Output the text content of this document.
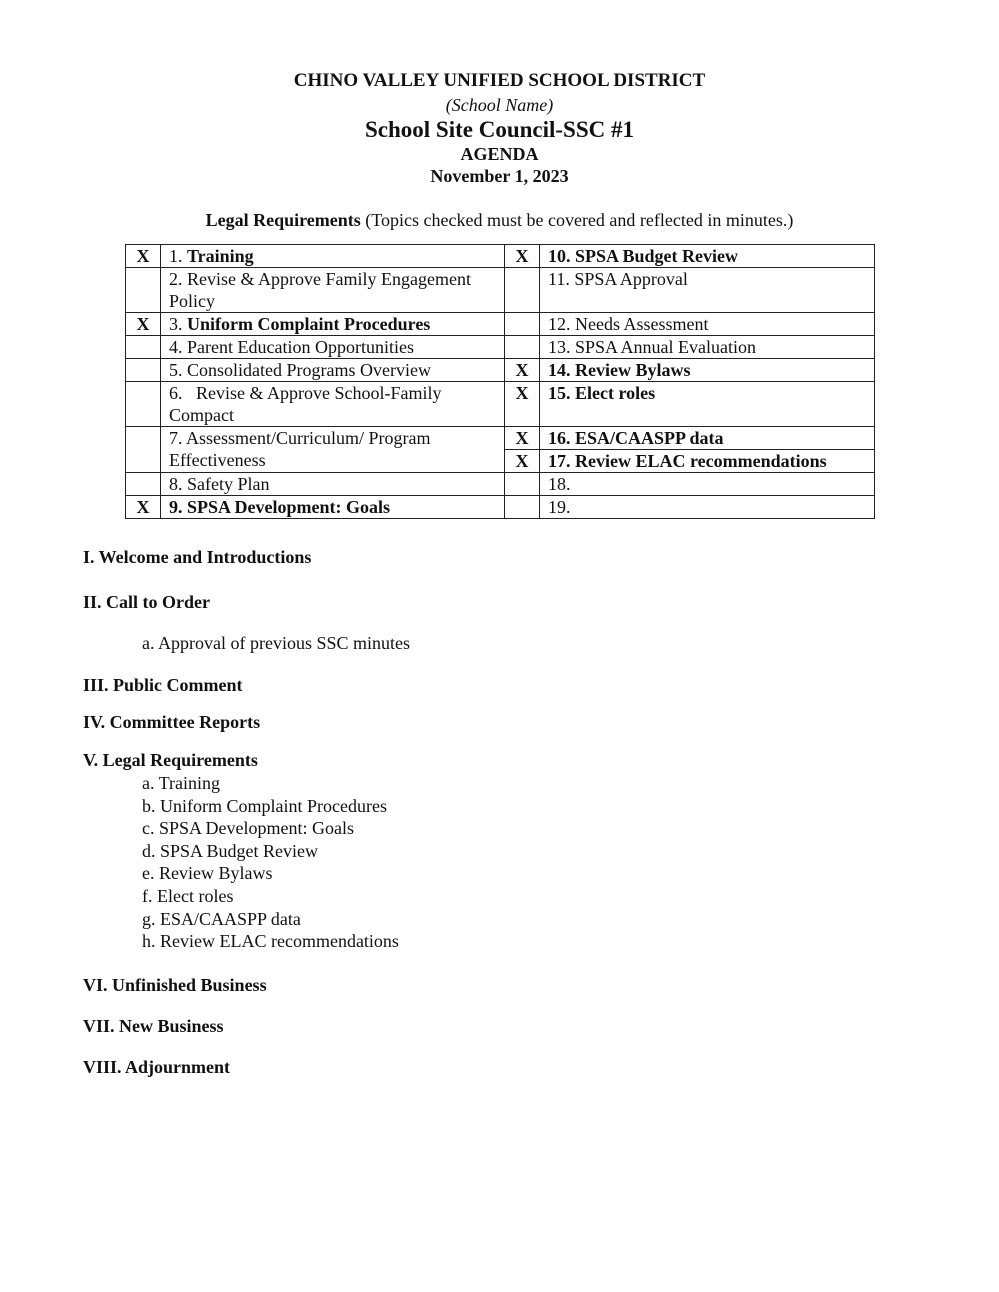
CHINO VALLEY UNIFIED SCHOOL DISTRICT
(School Name)
School Site Council-SSC #1
AGENDA
November 1, 2023
Legal Requirements (Topics checked must be covered and reflected in minutes.)
X	1. Training	X	10. SPSA Budget Review
	2. Revise & Approve Family Engagement Policy		11. SPSA Approval
X	3. Uniform Complaint Procedures		12. Needs Assessment
	4. Parent Education Opportunities		13. SPSA Annual Evaluation
	5. Consolidated Programs Overview	X	14. Review Bylaws
	6.   Revise & Approve School-Family Compact	X	15. Elect roles
	7. Assessment/Curriculum/ Program Effectiveness	X	16. ESA/CAASPP data
		X	17. Review ELAC recommendations
	8. Safety Plan		18.
X	9. SPSA Development: Goals		19.
I. Welcome and Introductions
II. Call to Order
a. Approval of previous SSC minutes
III. Public Comment
IV. Committee Reports
V. Legal Requirements
a. Training
b. Uniform Complaint Procedures
c. SPSA Development: Goals
d. SPSA Budget Review
e. Review Bylaws
f. Elect roles
g. ESA/CAASPP data
h. Review ELAC recommendations
VI. Unfinished Business
VII. New Business
VIII. Adjournment
